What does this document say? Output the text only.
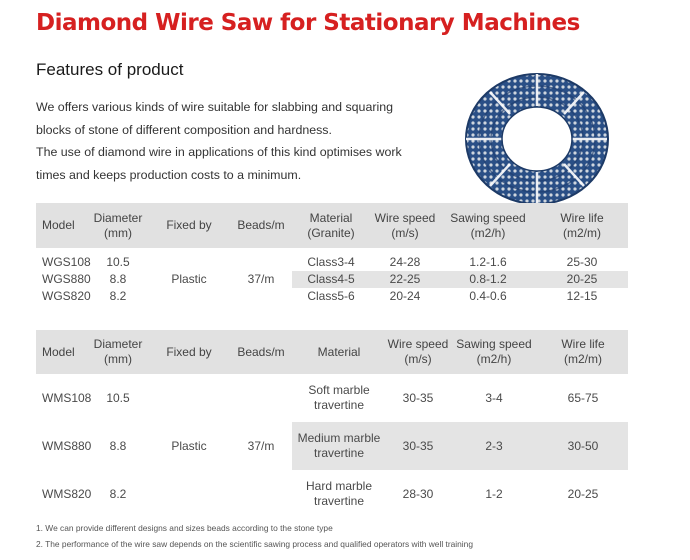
Diamond Wire Saw for Stationary Machines
Features of product

We offers various kinds of wire suitable for slabbing and squaring

blocks of stone of different composition and hardness.

The use of diamond wire in applications of this kind optimises work

times and keeps production costs to a minimum.

Model	Diameter
(mm)	Fixed by	Beads/m	Material
(Granite)	Wire speed
(m/s)	Sawing speed
(m2/h)	Wire life
(m2/m)

WGS108	10.5	Plastic	37/m	Class3-4	24-28	1.2-1.6	25-30
WGS880	8.8			Class4-5	22-25	0.8-1.2	20-25
WGS820	8.2			Class5-6	20-24	0.4-0.6	12-15

Model	Diameter
(mm)	Fixed by	Beads/m	Material	Wire speed
(m/s)	Sawing speed
(m2/h)	Wire life
(m2/m)
WMS108	10.5	Plastic	37/m	Soft marble
travertine	30-35	3-4	65-75
WMS880	8.8			Medium marble
travertine	30-35	2-3	30-50
WMS820	8.2			Hard marble
travertine	28-30	1-2	20-25

1. We can provide different designs and sizes beads according to the stone type

2. The performance of the wire saw depends on the scientific sawing process and qualified operators with well training
